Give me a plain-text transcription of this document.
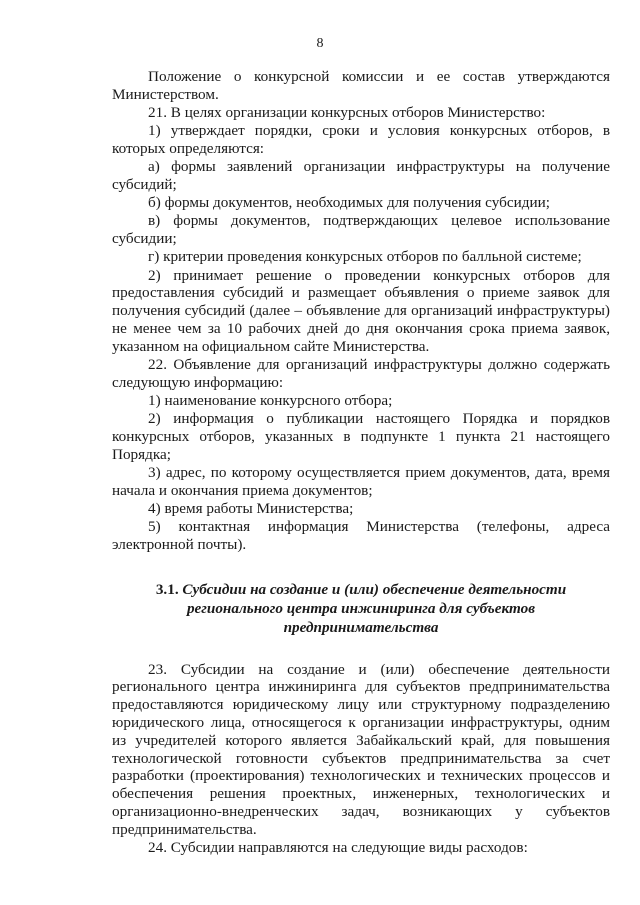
8

Положение о конкурсной комиссии и ее состав утверждаются Министерством.

21. В целях организации конкурсных отборов Министерство:

1) утверждает порядки, сроки и условия конкурсных отборов, в которых определяются:

а) формы заявлений организации инфраструктуры на получение субсидий;

б) формы документов, необходимых для получения субсидии;

в) формы документов, подтверждающих целевое использование субсидии;

г) критерии проведения конкурсных отборов по балльной системе;

2) принимает решение о проведении конкурсных отборов для предоставления субсидий и размещает объявления о приеме заявок для получения субсидий (далее – объявление для организаций инфраструктуры) не менее чем за 10 рабочих дней до дня окончания срока приема заявок, указанном на официальном сайте Министерства.

22. Объявление для организаций инфраструктуры должно содержать следующую информацию:

1) наименование конкурсного отбора;

2) информация о публикации настоящего Порядка и порядков конкурсных отборов, указанных в подпункте 1 пункта 21 настоящего Порядка;

3) адрес, по которому осуществляется прием документов, дата, время начала и окончания приема документов;

4) время работы Министерства;

5) контактная информация Министерства (телефоны, адреса электронной почты).

3.1. Субсидии на создание и (или) обеспечение деятельности регионального центра инжиниринга для субъектов предпринимательства

23. Субсидии на создание и (или) обеспечение деятельности регионального центра инжиниринга для субъектов предпринимательства предоставляются юридическому лицу или структурному подразделению юридического лица, относящегося к организации инфраструктуры, одним из учредителей которого является Забайкальский край, для повышения технологической готовности субъектов предпринимательства за счет разработки (проектирования) технологических и технических процессов и обеспечения решения проектных, инженерных, технологических и организационно-внедренческих задач, возникающих у субъектов предпринимательства.

24. Субсидии направляются на следующие виды расходов:
